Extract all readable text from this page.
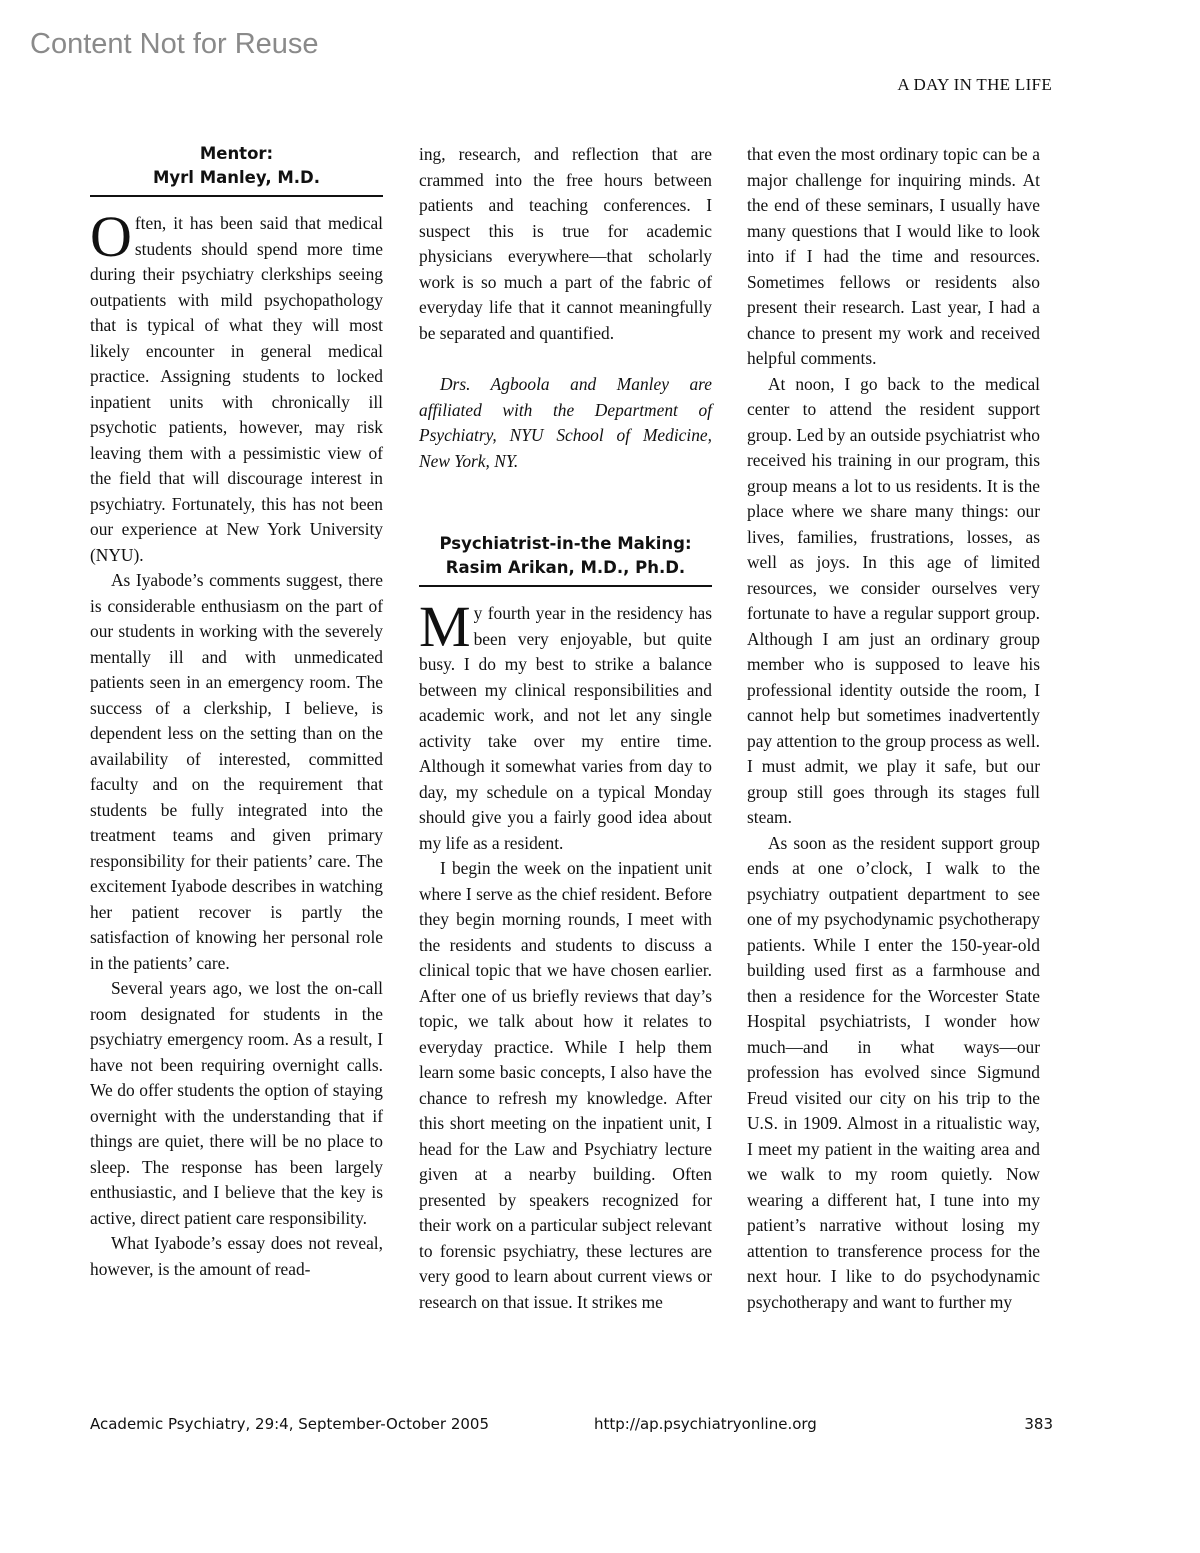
Content Not for Reuse
A DAY IN THE LIFE
Mentor:
Myrl Manley, M.D.

Often, it has been said that medical students should spend more time during their psychiatry clerkships seeing outpatients with mild psychopathology that is typical of what they will most likely encounter in general medical practice. Assigning students to locked inpatient units with chronically ill psychotic patients, however, may risk leaving them with a pessimistic view of the field that will discourage interest in psychiatry. Fortunately, this has not been our experience at New York University (NYU).

As Iyabode’s comments suggest, there is considerable enthusiasm on the part of our students in working with the severely mentally ill and with unmedicated patients seen in an emergency room. The success of a clerkship, I believe, is dependent less on the setting than on the availability of interested, committed faculty and on the requirement that students be fully integrated into the treatment teams and given primary responsibility for their patients’ care. The excitement Iyabode describes in watching her patient recover is partly the satisfaction of knowing her personal role in the patients’ care.

Several years ago, we lost the on-call room designated for students in the psychiatry emergency room. As a result, I have not been requiring overnight calls. We do offer students the option of staying overnight with the understanding that if things are quiet, there will be no place to sleep. The response has been largely enthusiastic, and I believe that the key is active, direct patient care responsibility.

What Iyabode’s essay does not reveal, however, is the amount of read-

ing, research, and reflection that are crammed into the free hours between patients and teaching conferences. I suspect this is true for academic physicians everywhere—that scholarly work is so much a part of the fabric of everyday life that it cannot meaningfully be separated and quantified.

Drs. Agboola and Manley are affiliated with the Department of Psychiatry, NYU School of Medicine, New York, NY.

Psychiatrist-in-the Making:
Rasim Arikan, M.D., Ph.D.

My fourth year in the residency has been very enjoyable, but quite busy. I do my best to strike a balance between my clinical responsibilities and academic work, and not let any single activity take over my entire time. Although it somewhat varies from day to day, my schedule on a typical Monday should give you a fairly good idea about my life as a resident.

I begin the week on the inpatient unit where I serve as the chief resident. Before they begin morning rounds, I meet with the residents and students to discuss a clinical topic that we have chosen earlier. After one of us briefly reviews that day’s topic, we talk about how it relates to everyday practice. While I help them learn some basic concepts, I also have the chance to refresh my knowledge. After this short meeting on the inpatient unit, I head for the Law and Psychiatry lecture given at a nearby building. Often presented by speakers recognized for their work on a particular subject relevant to forensic psychiatry, these lectures are very good to learn about current views or research on that issue. It strikes me

that even the most ordinary topic can be a major challenge for inquiring minds. At the end of these seminars, I usually have many questions that I would like to look into if I had the time and resources. Sometimes fellows or residents also present their research. Last year, I had a chance to present my work and received helpful comments.

At noon, I go back to the medical center to attend the resident support group. Led by an outside psychiatrist who received his training in our program, this group means a lot to us residents. It is the place where we share many things: our lives, families, frustrations, losses, as well as joys. In this age of limited resources, we consider ourselves very fortunate to have a regular support group. Although I am just an ordinary group member who is supposed to leave his professional identity outside the room, I cannot help but sometimes inadvertently pay attention to the group process as well. I must admit, we play it safe, but our group still goes through its stages full steam.

As soon as the resident support group ends at one o’clock, I walk to the psychiatry outpatient department to see one of my psychodynamic psychotherapy patients. While I enter the 150-year-old building used first as a farmhouse and then a residence for the Worcester State Hospital psychiatrists, I wonder how much—and in what ways—our profession has evolved since Sigmund Freud visited our city on his trip to the U.S. in 1909. Almost in a ritualistic way, I meet my patient in the waiting area and we walk to my room quietly. Now wearing a different hat, I tune into my patient’s narrative without losing my attention to transference process for the next hour. I like to do psychodynamic psychotherapy and want to further my

Academic Psychiatry, 29:4, September-October 2005	http://ap.psychiatryonline.org	383
